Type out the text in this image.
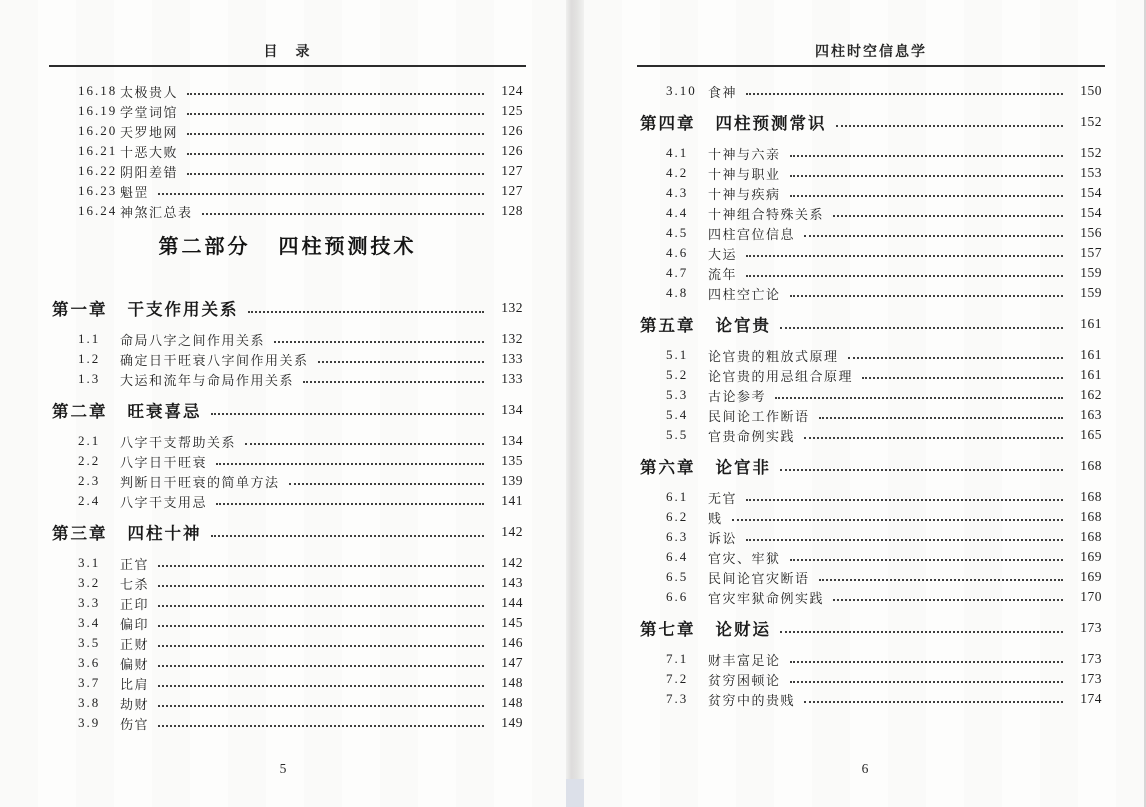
目　录
16.18 太极贵人	124
16.19 学堂词馆	125
16.20 天罗地网	126
16.21 十恶大败	126
16.22 阴阳差错	127
16.23 魁罡	127
16.24 神煞汇总表	128
第二部分 四柱预测技术
第一章 干支作用关系	132
1.1	命局八字之间作用关系	132
1.2	确定日干旺衰八字间作用关系	133
1.3	大运和流年与命局作用关系	133
第二章 旺衰喜忌	134
2.1	八字干支帮助关系	134
2.2	八字日干旺衰	135
2.3	判断日干旺衰的简单方法	139
2.4	八字干支用忌	141
第三章 四柱十神	142
3.1	正官	142
3.2	七杀	143
3.3	正印	144
3.4	偏印	145
3.5	正财	146
3.6	偏财	147
3.7	比肩	148
3.8	劫财	148
3.9	伤官	149
5
四柱时空信息学
3.10 食神	150
第四章 四柱预测常识	152
4.1	十神与六亲	152
4.2	十神与职业	153
4.3	十神与疾病	154
4.4	十神组合特殊关系	154
4.5	四柱宫位信息	156
4.6	大运	157
4.7	流年	159
4.8	四柱空亡论	159
第五章 论官贵	161
5.1	论官贵的粗放式原理	161
5.2	论官贵的用忌组合原理	161
5.3	古论参考	162
5.4	民间论工作断语	163
5.5	官贵命例实践	165
第六章 论官非	168
6.1	无官	168
6.2	贱	168
6.3	诉讼	168
6.4	官灾、牢狱	169
6.5	民间论官灾断语	169
6.6	官灾牢狱命例实践	170
第七章 论财运	173
7.1	财丰富足论	173
7.2	贫穷困顿论	173
7.3	贫穷中的贵贱	174
6
